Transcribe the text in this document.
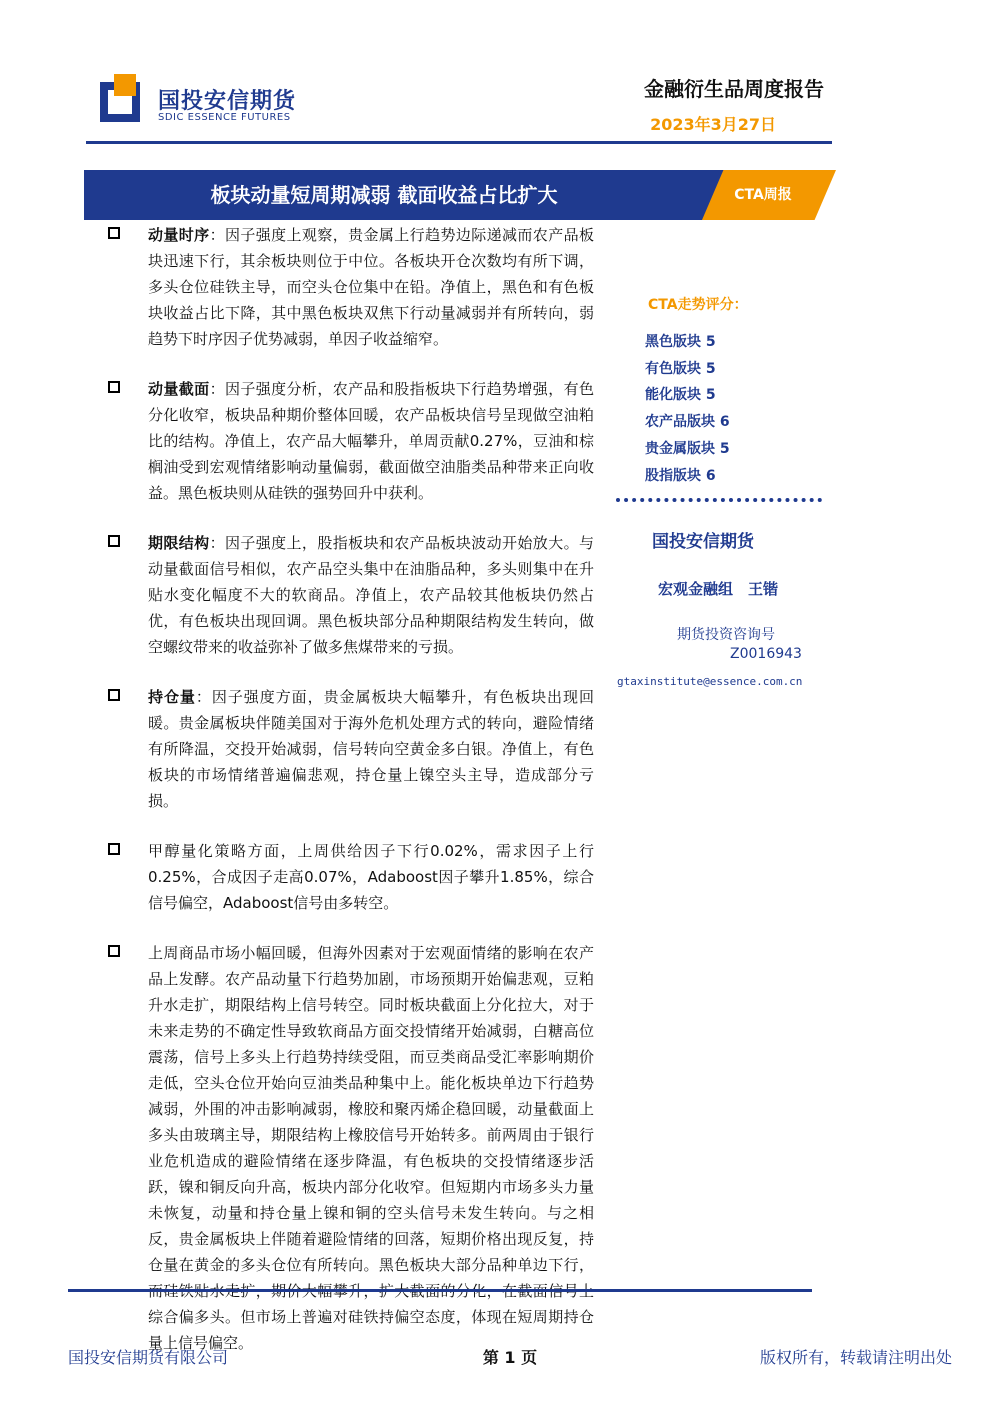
国投安信期货
SDIC ESSENCE FUTURES
金融衍生品周度报告
2023年3月27日
板块动量短周期减弱 截面收益占比扩大	CTA周报
动量时序：因子强度上观察，贵金属上行趋势边际递减而农产品板块迅速下行，其余板块则位于中位。各板块开仓次数均有所下调，多头仓位硅铁主导，而空头仓位集中在铅。净值上，黑色和有色板块收益占比下降，其中黑色板块双焦下行动量减弱并有所转向，弱趋势下时序因子优势减弱，单因子收益缩窄。
动量截面：因子强度分析，农产品和股指板块下行趋势增强，有色分化收窄，板块品种期价整体回暖，农产品板块信号呈现做空油粕比的结构。净值上，农产品大幅攀升，单周贡献0.27%，豆油和棕榈油受到宏观情绪影响动量偏弱，截面做空油脂类品种带来正向收益。黑色板块则从硅铁的强势回升中获利。
期限结构：因子强度上，股指板块和农产品板块波动开始放大。与动量截面信号相似，农产品空头集中在油脂品种，多头则集中在升贴水变化幅度不大的软商品。净值上，农产品较其他板块仍然占优，有色板块出现回调。黑色板块部分品种期限结构发生转向，做空螺纹带来的收益弥补了做多焦煤带来的亏损。
持仓量：因子强度方面，贵金属板块大幅攀升，有色板块出现回暖。贵金属板块伴随美国对于海外危机处理方式的转向，避险情绪有所降温，交投开始减弱，信号转向空黄金多白银。净值上，有色板块的市场情绪普遍偏悲观，持仓量上镍空头主导，造成部分亏损。
甲醇量化策略方面，上周供给因子下行0.02%，需求因子上行0.25%，合成因子走高0.07%，Adaboost因子攀升1.85%，综合信号偏空，Adaboost信号由多转空。
上周商品市场小幅回暖，但海外因素对于宏观面情绪的影响在农产品上发酵。农产品动量下行趋势加剧，市场预期开始偏悲观，豆粕升水走扩，期限结构上信号转空。同时板块截面上分化拉大，对于未来走势的不确定性导致软商品方面交投情绪开始减弱，白糖高位震荡，信号上多头上行趋势持续受阻，而豆类商品受汇率影响期价走低，空头仓位开始向豆油类品种集中上。能化板块单边下行趋势减弱，外围的冲击影响减弱，橡胶和聚丙烯企稳回暖，动量截面上多头由玻璃主导，期限结构上橡胶信号开始转多。前两周由于银行业危机造成的避险情绪在逐步降温，有色板块的交投情绪逐步活跃，镍和铜反向升高，板块内部分化收窄。但短期内市场多头力量未恢复，动量和持仓量上镍和铜的空头信号未发生转向。与之相反，贵金属板块上伴随着避险情绪的回落，短期价格出现反复，持仓量在黄金的多头仓位有所转向。黑色板块大部分品种单边下行， 综合偏多头。但市场上普遍对硅铁持偏空态度，体现在短周期持仓量上信号偏空。
CTA走势评分：
黑色版块 5
有色版块 5
能化版块 5
农产品版块 6
贵金属版块 5
股指版块 6
国投安信期货
宏观金融组　王锴
期货投资咨询号
Z0016943
gtaxinstitute@essence.com.cn
国投安信期货有限公司	第 1 页	版权所有，转载请注明出处
